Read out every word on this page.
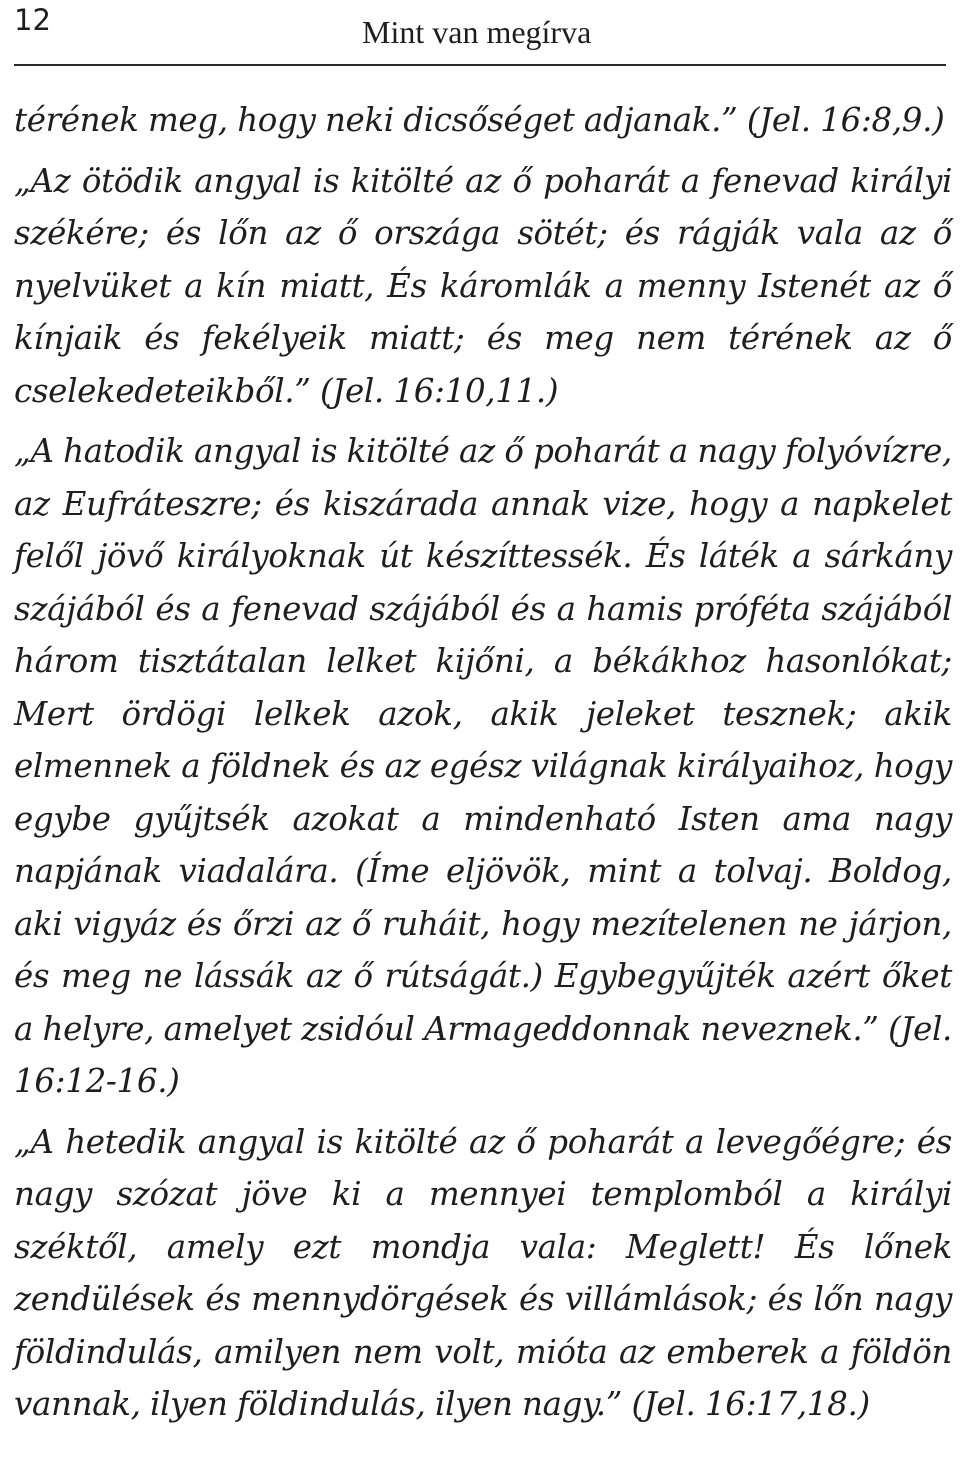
12	Mint van megírva

térének meg, hogy neki dicsőséget adjanak.” (Jel. 16:8,9.)

„Az ötödik angyal is kitölté az ő poharát a fenevad királyi székére; és lőn az ő országa sötét; és rágják vala az ő nyelvüket a kín miatt, És káromlák a menny Istenét az ő kínjaik és fekélyeik miatt; és meg nem térének az ő cselekedeteikből.” (Jel. 16:10,11.)

„A hatodik angyal is kitölté az ő poharát a nagy folyóvízre, az Eufráteszre; és kiszárada annak vize, hogy a napkelet felől jövő királyoknak út készíttessék. És láték a sárkány szájából és a fenevad szájából és a hamis próféta szájából három tisztátalan lelket kijőni, a békákhoz hasonlókat; Mert ördögi lelkek azok, akik jeleket tesznek; akik elmennek a földnek és az egész világnak királyaihoz, hogy egybe gyűjtsék azokat a mindenható Isten ama nagy napjának viadalára. (Íme eljövök, mint a tolvaj. Boldog, aki vigyáz és őrzi az ő ruháit, hogy mezítelenen ne járjon, és meg ne lássák az ő rútságát.) Egybegyűjték azért őket a helyre, amelyet zsidóul Armageddonnak neveznek.” (Jel. 16:12-16.)

„A hetedik angyal is kitölté az ő poharát a levegőégre; és nagy szózat jöve ki a mennyei templomból a királyi széktől, amely ezt mondja vala: Meglett! És lőnek zendülések és mennydörgések és villámlások; és lőn nagy földindulás, amilyen nem volt, mióta az emberek a földön vannak, ilyen földindulás, ilyen nagy.” (Jel. 16:17,18.)
